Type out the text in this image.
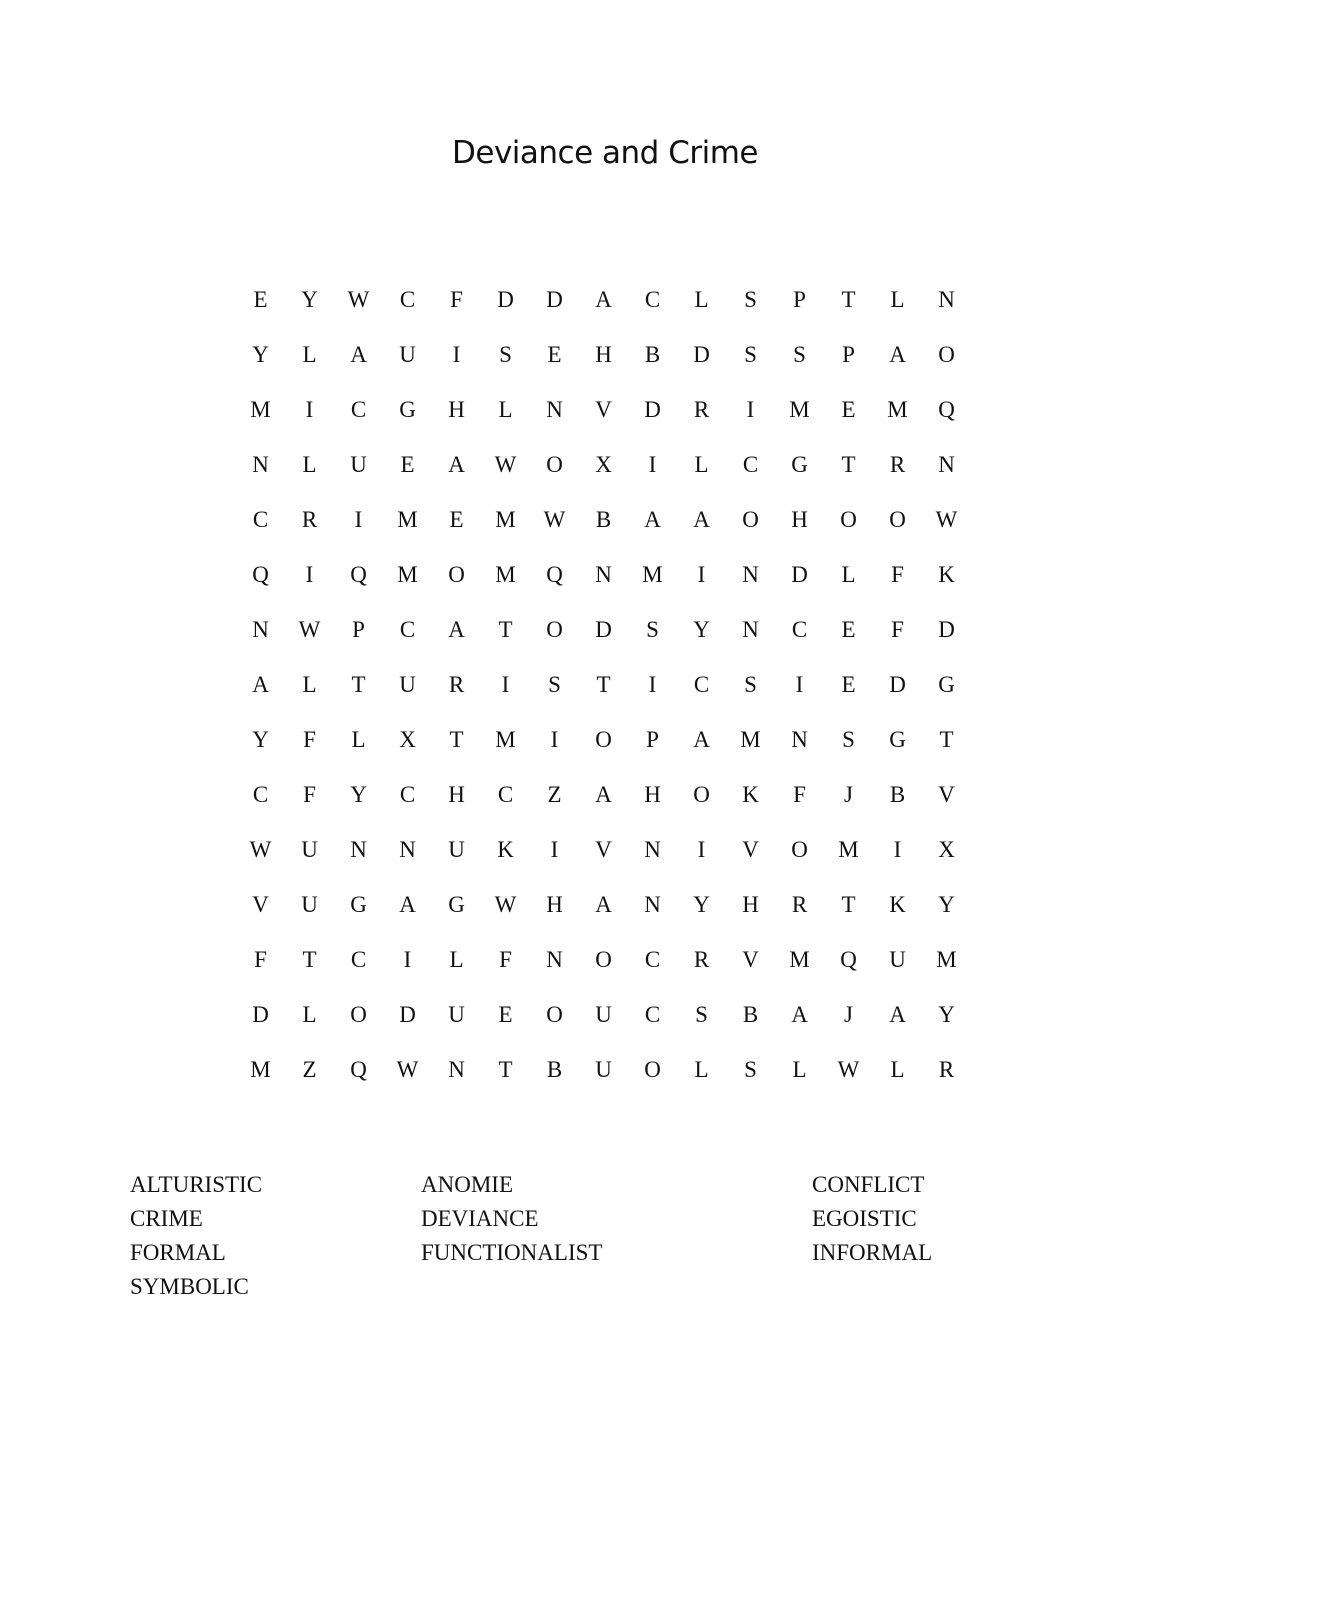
Deviance and Crime
E	Y	W	C	F	D	D	A	C	L	S	P	T	L	N
Y	L	A	U	I	S	E	H	B	D	S	S	P	A	O
M	I	C	G	H	L	N	V	D	R	I	M	E	M	Q
N	L	U	E	A	W	O	X	I	L	C	G	T	R	N
C	R	I	M	E	M	W	B	A	A	O	H	O	O	W
Q	I	Q	M	O	M	Q	N	M	I	N	D	L	F	K
N	W	P	C	A	T	O	D	S	Y	N	C	E	F	D
A	L	T	U	R	I	S	T	I	C	S	I	E	D	G
Y	F	L	X	T	M	I	O	P	A	M	N	S	G	T
C	F	Y	C	H	C	Z	A	H	O	K	F	J	B	V
W	U	N	N	U	K	I	V	N	I	V	O	M	I	X
V	U	G	A	G	W	H	A	N	Y	H	R	T	K	Y
F	T	C	I	L	F	N	O	C	R	V	M	Q	U	M
D	L	O	D	U	E	O	U	C	S	B	A	J	A	Y
M	Z	Q	W	N	T	B	U	O	L	S	L	W	L	R
ALTURISTIC
CRIME
FORMAL
SYMBOLIC
ANOMIE
DEVIANCE
FUNCTIONALIST
CONFLICT
EGOISTIC
INFORMAL
